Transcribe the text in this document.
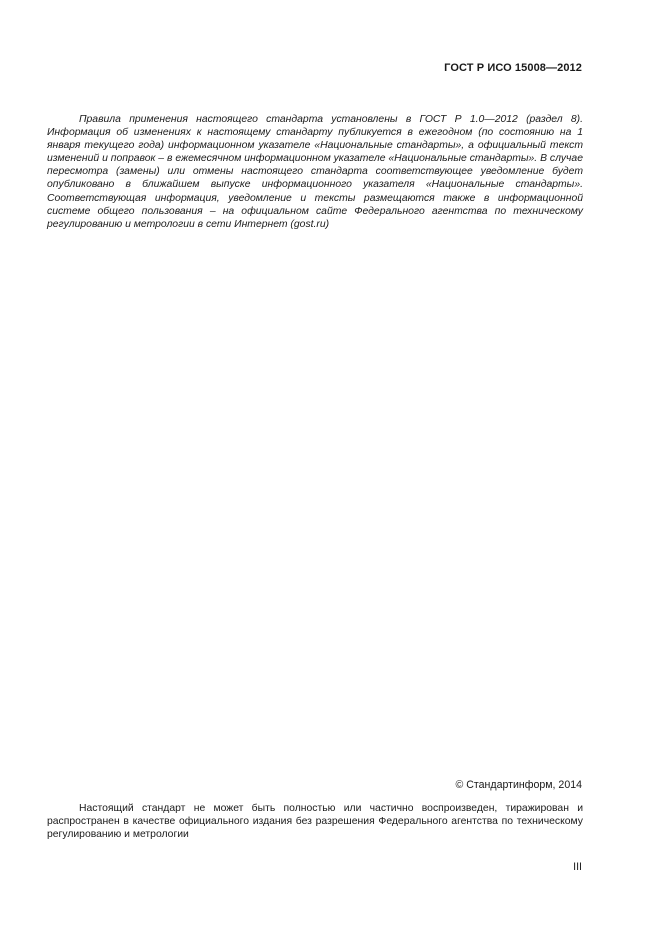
ГОСТ Р ИСО 15008—2012

Правила применения настоящего стандарта установлены в ГОСТ Р 1.0—2012 (раздел 8). Информация об изменениях к настоящему стандарту публикуется в ежегодном (по состоянию на 1 января текущего года) информационном указателе «Национальные стандарты», а официальный текст изменений и поправок – в ежемесячном информационном указателе «Национальные стандарты». В случае пересмотра (замены) или отмены настоящего стандарта соответствующее уведомление будет опубликовано в ближайшем выпуске информационного указателя «Национальные стандарты». Соответствующая информация, уведомление и тексты размещаются также в информационной системе общего пользования – на официальном сайте Федерального агентства по техническому регулированию и метрологии в сети Интернет (gost.ru)

© Стандартинформ, 2014

Настоящий стандарт не может быть полностью или частично воспроизведен, тиражирован и распространен в качестве официального издания без разрешения Федерального агентства по техническому регулированию и метрологии

III
